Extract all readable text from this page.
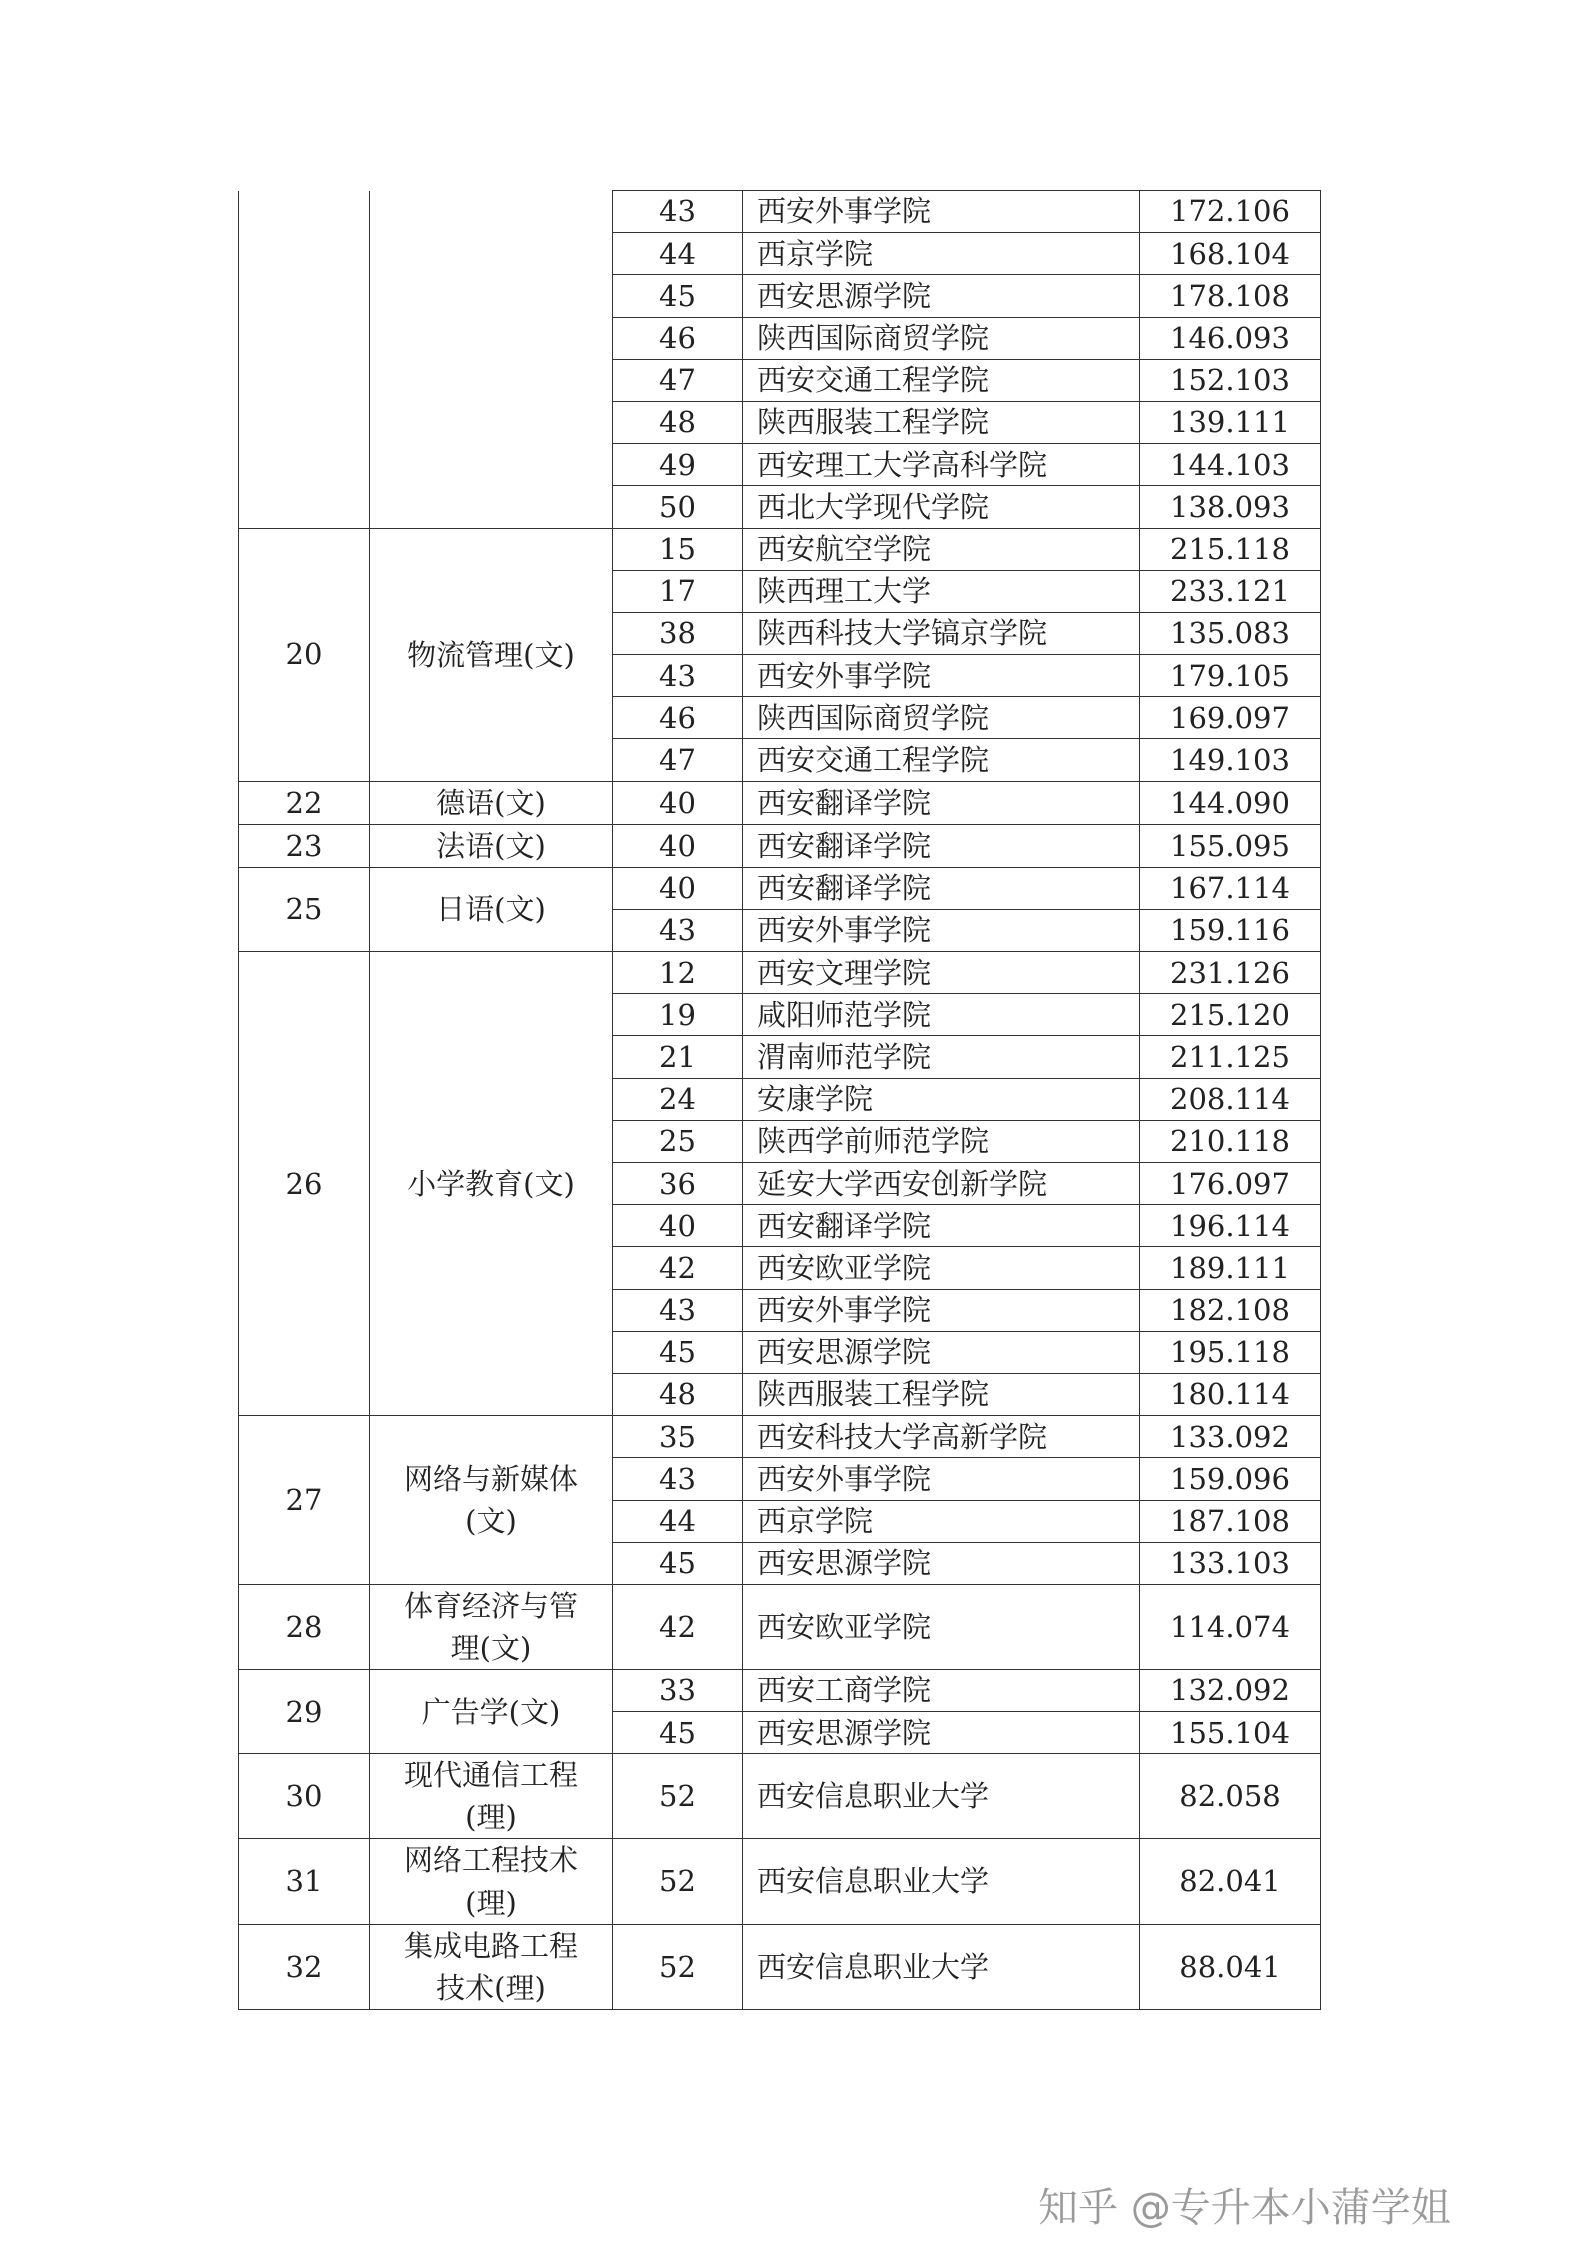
		43	西安外事学院	172.106
		44	西京学院	168.104
		45	西安思源学院	178.108
		46	陕西国际商贸学院	146.093
		47	西安交通工程学院	152.103
		48	陕西服装工程学院	139.111
		49	西安理工大学高科学院	144.103
		50	西北大学现代学院	138.093
20	物流管理(文)	15	西安航空学院	215.118
		17	陕西理工大学	233.121
		38	陕西科技大学镐京学院	135.083
		43	西安外事学院	179.105
		46	陕西国际商贸学院	169.097
		47	西安交通工程学院	149.103
22	德语(文)	40	西安翻译学院	144.090
23	法语(文)	40	西安翻译学院	155.095
25	日语(文)	40	西安翻译学院	167.114
		43	西安外事学院	159.116
26	小学教育(文)	12	西安文理学院	231.126
		19	咸阳师范学院	215.120
		21	渭南师范学院	211.125
		24	安康学院	208.114
		25	陕西学前师范学院	210.118
		36	延安大学西安创新学院	176.097
		40	西安翻译学院	196.114
		42	西安欧亚学院	189.111
		43	西安外事学院	182.108
		45	西安思源学院	195.118
		48	陕西服装工程学院	180.114
27	网络与新媒体(文)	35	西安科技大学高新学院	133.092
		43	西安外事学院	159.096
		44	西京学院	187.108
		45	西安思源学院	133.103
28	体育经济与管理(文)	42	西安欧亚学院	114.074
29	广告学(文)	33	西安工商学院	132.092
		45	西安思源学院	155.104
30	现代通信工程(理)	52	西安信息职业大学	82.058
31	网络工程技术(理)	52	西安信息职业大学	82.041
32	集成电路工程技术(理)	52	西安信息职业大学	88.041
知乎 @专升本小蒲学姐
